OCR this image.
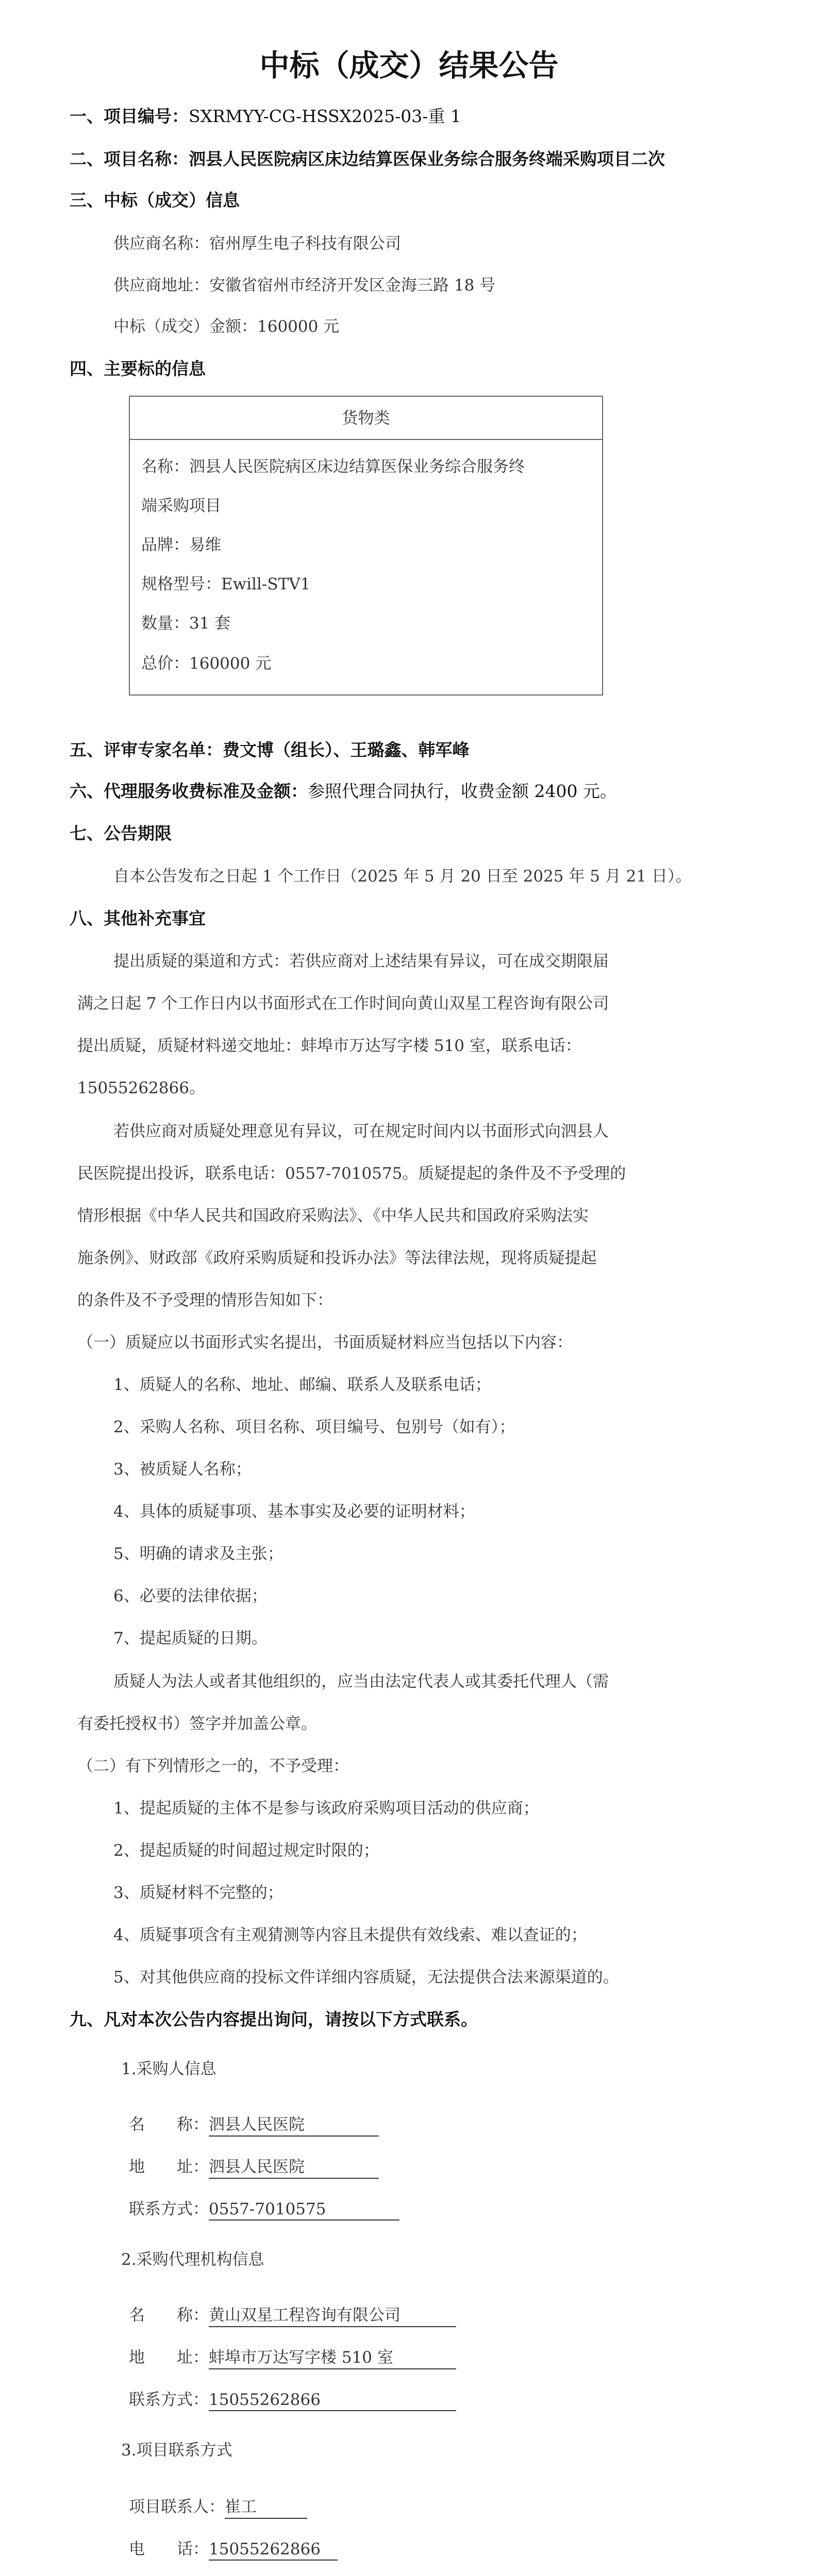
中标（成交）结果公告
一、项目编号：SXRMYY-CG-HSSX2025-03-重 1
二、项目名称：泗县人民医院病区床边结算医保业务综合服务终端采购项目二次
三、中标（成交）信息
供应商名称：宿州厚生电子科技有限公司
供应商地址：安徽省宿州市经济开发区金海三路 18 号
中标（成交）金额：160000 元
四、主要标的信息
货物类
名称：泗县人民医院病区床边结算医保业务综合服务终
端采购项目
品牌：易维
规格型号：Ewill-STV1
数量：31 套
总价：160000 元
五、评审专家名单：费文博（组长）、王璐鑫、韩军峰
六、代理服务收费标准及金额：参照代理合同执行，收费金额 2400 元。
七、公告期限
自本公告发布之日起 1 个工作日（2025 年 5 月 20 日至 2025 年 5 月 21 日）。
八、其他补充事宜
提出质疑的渠道和方式：若供应商对上述结果有异议，可在成交期限届
满之日起 7 个工作日内以书面形式在工作时间向黄山双星工程咨询有限公司
提出质疑，质疑材料递交地址：蚌埠市万达写字楼 510 室，联系电话：
15055262866。
若供应商对质疑处理意见有异议，可在规定时间内以书面形式向泗县人
民医院提出投诉，联系电话：0557-7010575。质疑提起的条件及不予受理的
情形根据《中华人民共和国政府采购法》、《中华人民共和国政府采购法实
施条例》、财政部《政府采购质疑和投诉办法》等法律法规，现将质疑提起
的条件及不予受理的情形告知如下：
（一）质疑应以书面形式实名提出，书面质疑材料应当包括以下内容：
1、质疑人的名称、地址、邮编、联系人及联系电话；
2、采购人名称、项目名称、项目编号、包别号（如有）；
3、被质疑人名称；
4、具体的质疑事项、基本事实及必要的证明材料；
5、明确的请求及主张；
6、必要的法律依据；
7、提起质疑的日期。
质疑人为法人或者其他组织的，应当由法定代表人或其委托代理人（需
有委托授权书）签字并加盖公章。
（二）有下列情形之一的，不予受理：
1、提起质疑的主体不是参与该政府采购项目活动的供应商；
2、提起质疑的时间超过规定时限的；
3、质疑材料不完整的；
4、质疑事项含有主观猜测等内容且未提供有效线索、难以查证的；
5、对其他供应商的投标文件详细内容质疑，无法提供合法来源渠道的。
九、凡对本次公告内容提出询问，请按以下方式联系。
1.采购人信息
名　　称：泗县人民医院
地　　址：泗县人民医院
联系方式：0557-7010575
2.采购代理机构信息
名　　称：黄山双星工程咨询有限公司
地　　址：蚌埠市万达写字楼 510 室
联系方式：15055262866
3.项目联系方式
项目联系人：崔工
电　　话：15055262866
